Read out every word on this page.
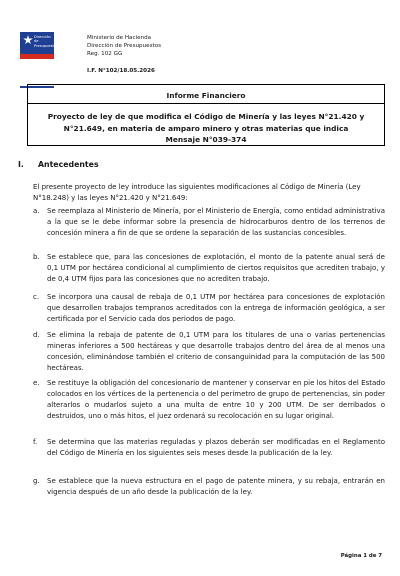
Dirección de Presupuestos
Ministerio de Hacienda
Dirección de Presupuestos
Reg. 102 GG
I.F. N°102/18.05.2026
Informe Financiero
Proyecto de ley de que modifica el Código de Minería y las leyes N°21.420 y N°21.649, en materia de amparo minero y otras materias que indica
Mensaje N°039-374
I. Antecedentes
El presente proyecto de ley introduce las siguientes modificaciones al Código de Minería (Ley N°18.248) y las leyes N°21.420 y N°21.649:
a.	Se reemplaza al Ministerio de Minería, por el Ministerio de Energía, como entidad administrativa a la que se le debe informar sobre la presencia de hidrocarburos dentro de los terrenos de concesión minera a fin de que se ordene la separación de las sustancias concesibles.
b.	Se establece que, para las concesiones de explotación, el monto de la patente anual será de 0,1 UTM por hectárea condicional al cumplimiento de ciertos requisitos que acrediten trabajo, y de 0,4 UTM fijos para las concesiones que no acrediten trabajo.
c.	Se incorpora una causal de rebaja de 0,1 UTM por hectárea para concesiones de explotación que desarrollen trabajos tempranos acreditados con la entrega de información geológica, a ser certificada por el Servicio cada dos periodos de pago.
d.	Se elimina la rebaja de patente de 0,1 UTM para los titulares de una o varias pertenencias mineras inferiores a 500 hectáreas y que desarrolle trabajos dentro del área de al menos una concesión, eliminándose también el criterio de consanguinidad para la computación de las 500 hectáreas.
e.	Se restituye la obligación del concesionario de mantener y conservar en pie los hitos del Estado colocados en los vértices de la pertenencia o del perímetro de grupo de pertenencias, sin poder alterarlos o mudarlos sujeto a una multa de entre 10 y 200 UTM. De ser derribados o destruidos, uno o más hitos, el juez ordenará su recolocación en su lugar original.
f.	Se determina que las materias reguladas y plazos deberán ser modificadas en el Reglamento del Código de Minería en los siguientes seis meses desde la publicación de la ley.
g.	Se establece que la nueva estructura en el pago de patente minera, y su rebaja, entrarán en vigencia después de un año desde la publicación de la ley.
Página 1 de 7
